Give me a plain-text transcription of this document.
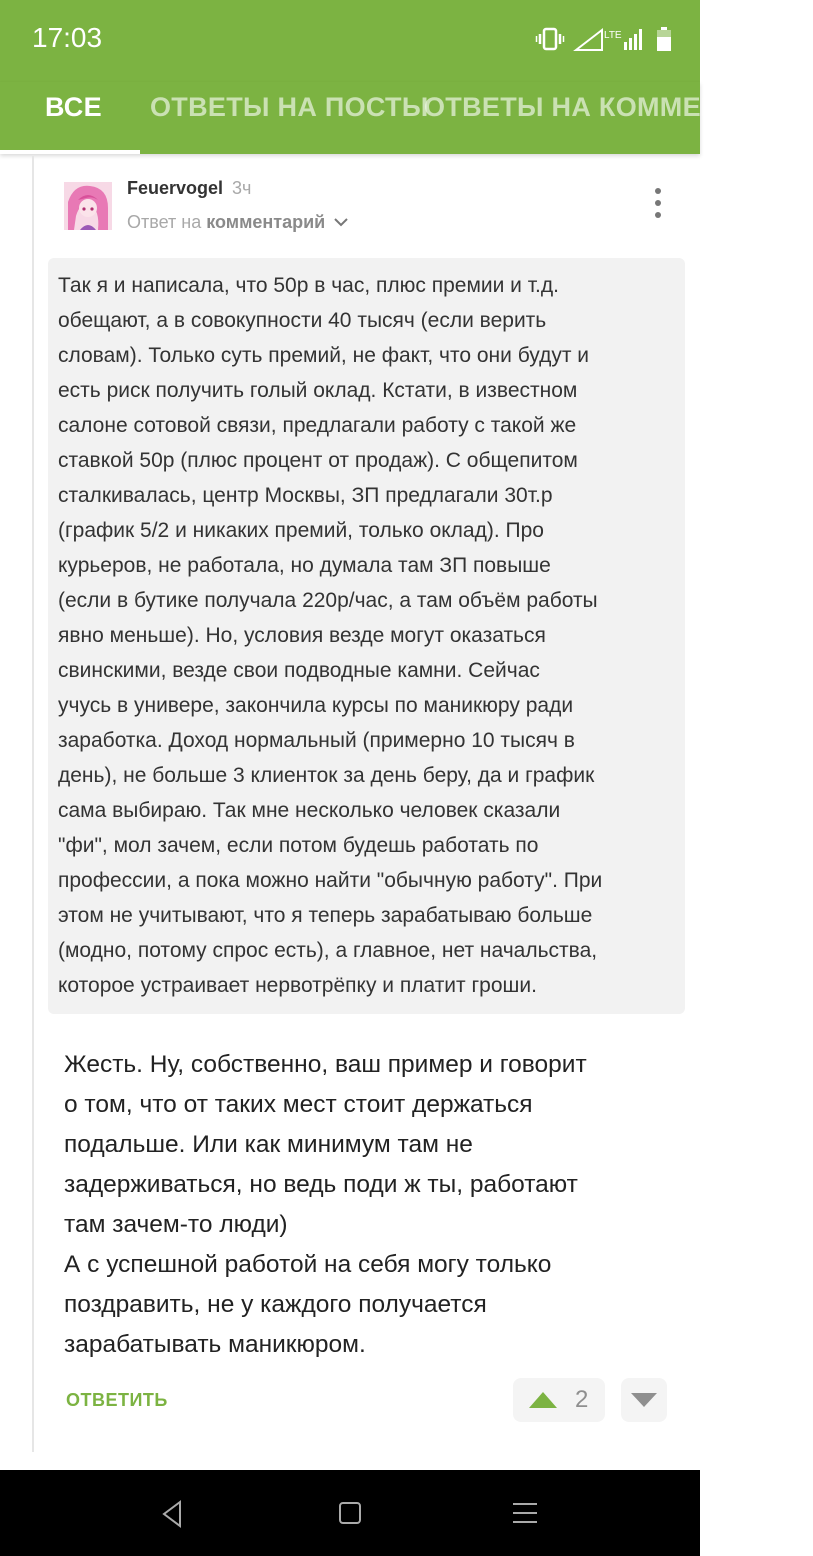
17:03	LTE
ВСЕ ОТВЕТЫ НА ПОСТЫ
ОТВЕТЫ НА КОММЕНТАРИИ
Feuervogel 3ч
Ответ на комментарий
Так я и написала, что 50р в час, плюс премии и т.д.
обещают, а в совокупности 40 тысяч (если верить
словам). Только суть премий, не факт, что они будут и
есть риск получить голый оклад. Кстати, в известном
салоне сотовой связи, предлагали работу с такой же
ставкой 50р (плюс процент от продаж). С общепитом
сталкивалась, центр Москвы, ЗП предлагали 30т.р
(график 5/2 и никаких премий, только оклад). Про
курьеров, не работала, но думала там ЗП повыше
(если в бутике получала 220р/час, а там объём работы
явно меньше). Но, условия везде могут оказаться
свинскими, везде свои подводные камни. Сейчас
учусь в универе, закончила курсы по маникюру ради
заработка. Доход нормальный (примерно 10 тысяч в
день), не больше 3 клиенток за день беру, да и график
сама выбираю. Так мне несколько человек сказали
"фи", мол зачем, если потом будешь работать по
профессии, а пока можно найти "обычную работу". При
этом не учитывают, что я теперь зарабатываю больше
(модно, потому спрос есть), а главное, нет начальства,
которое устраивает нервотрёпку и платит гроши.
Жесть. Ну, собственно, ваш пример и говорит
о том, что от таких мест стоит держаться
подальше. Или как минимум там не
задерживаться, но ведь поди ж ты, работают
там зачем-то люди)
А с успешной работой на себя могу только
поздравить, не у каждого получается
зарабатывать маникюром.
ОТВЕТИТЬ	2
